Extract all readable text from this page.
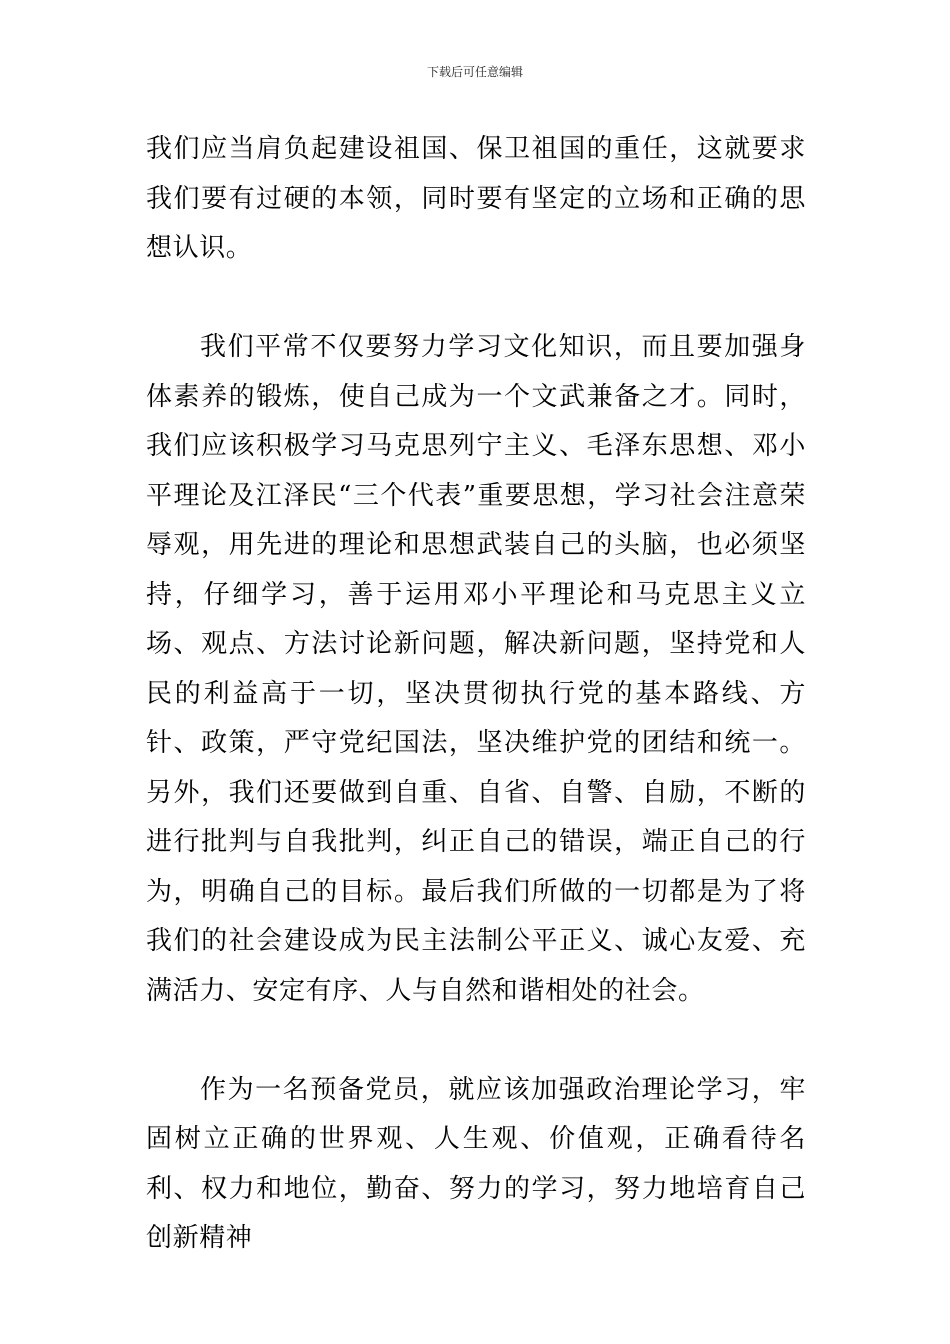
下载后可任意编辑

我们应当肩负起建设祖国、保卫祖国的重任，这就要求我们要有过硬的本领，同时要有坚定的立场和正确的思想认识。

我们平常不仅要努力学习文化知识，而且要加强身体素养的锻炼，使自己成为一个文武兼备之才。同时，我们应该积极学习马克思列宁主义、毛泽东思想、邓小平理论及江泽民“三个代表”重要思想，学习社会注意荣辱观，用先进的理论和思想武装自己的头脑，也必须坚持，仔细学习，善于运用邓小平理论和马克思主义立场、观点、方法讨论新问题，解决新问题，坚持党和人民的利益高于一切，坚决贯彻执行党的基本路线、方针、政策，严守党纪国法，坚决维护党的团结和统一。另外，我们还要做到自重、自省、自警、自励，不断的进行批判与自我批判，纠正自己的错误，端正自己的行为，明确自己的目标。最后我们所做的一切都是为了将我们的社会建设成为民主法制公平正义、诚心友爱、充满活力、安定有序、人与自然和谐相处的社会。

作为一名预备党员，就应该加强政治理论学习，牢固树立正确的世界观、人生观、价值观，正确看待名利、权力和地位，勤奋、努力的学习，努力地培育自己创新精神
